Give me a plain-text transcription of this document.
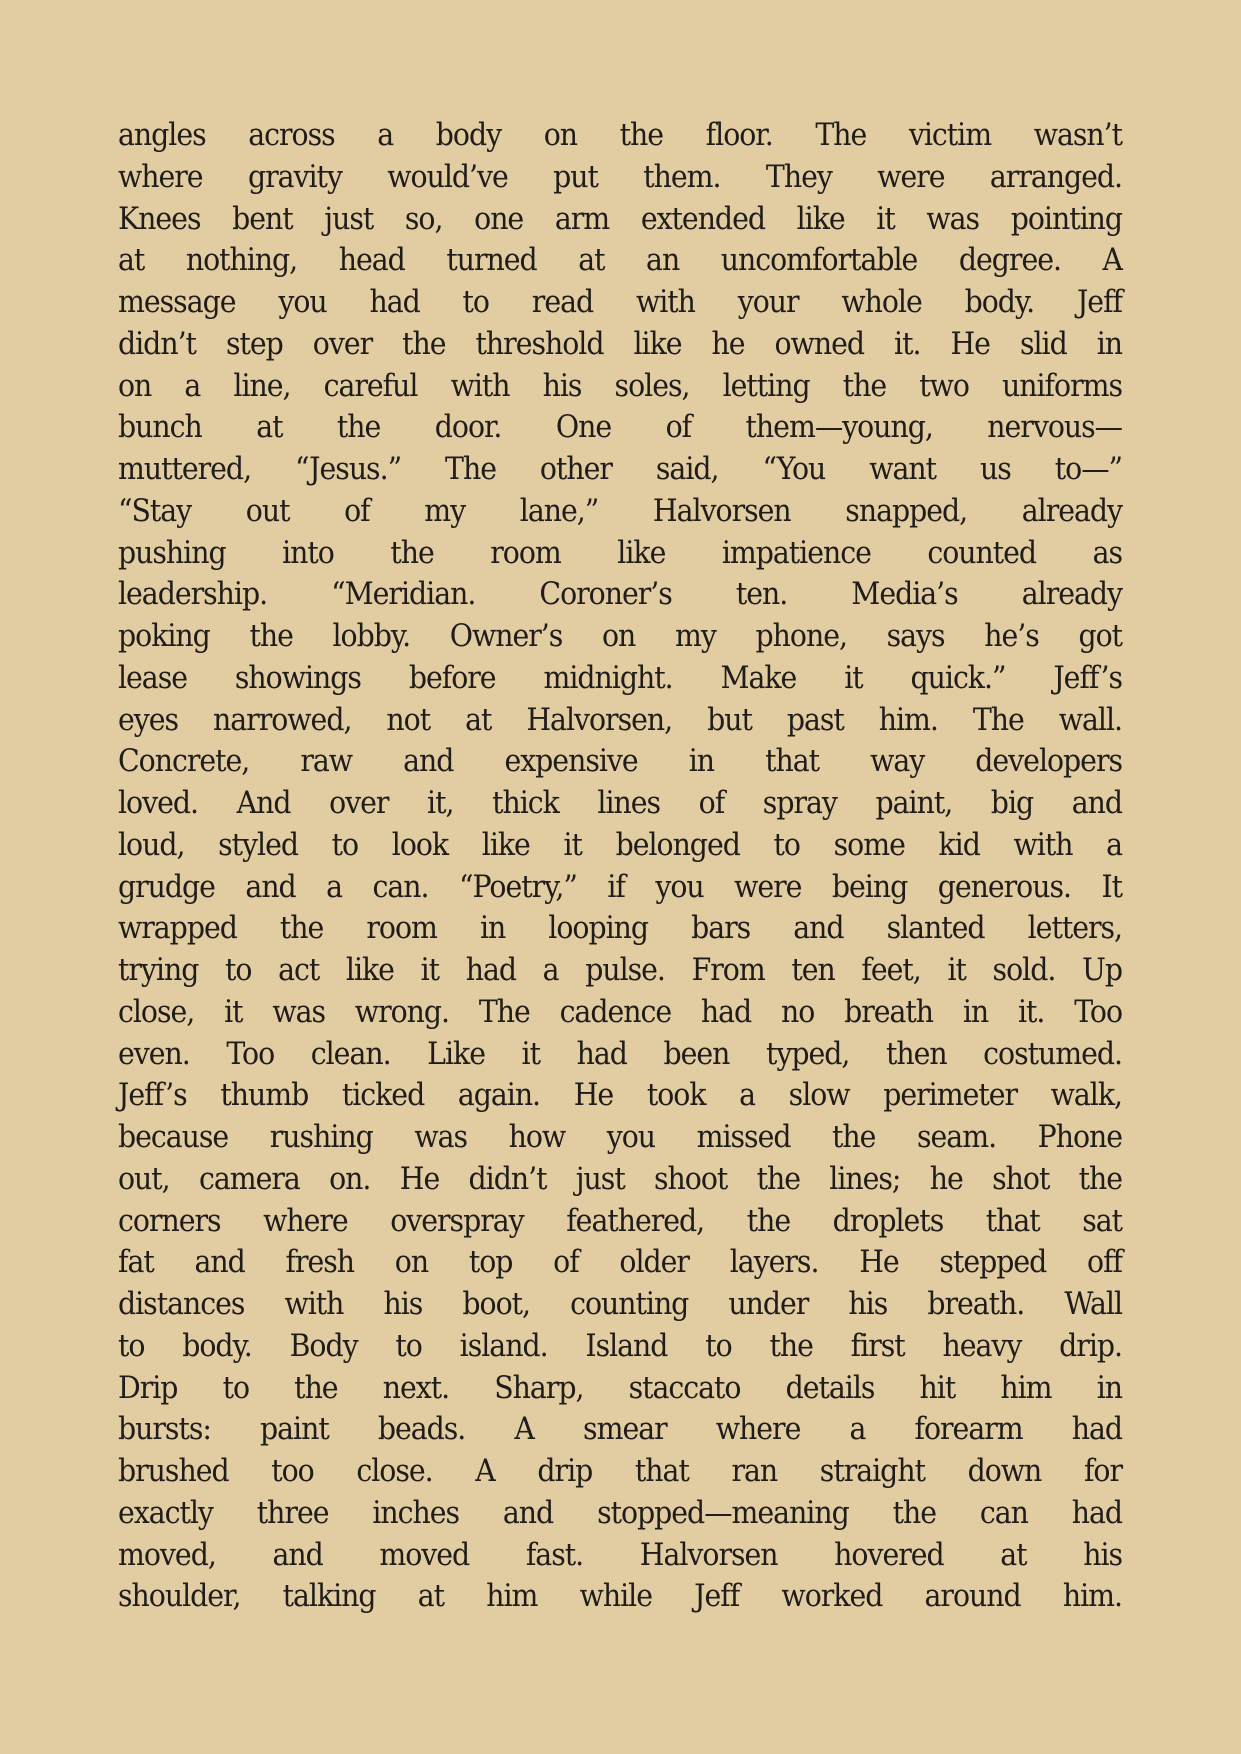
angles across a body on the floor. The victim wasn’t
where gravity would’ve put them. They were arranged.
Knees bent just so, one arm extended like it was pointing
at nothing, head turned at an uncomfortable degree. A
message you had to read with your whole body. Jeff
didn’t step over the threshold like he owned it. He slid in
on a line, careful with his soles, letting the two uniforms
bunch at the door. One of them—young, nervous—
muttered, “Jesus.” The other said, “You want us to—”
“Stay out of my lane,” Halvorsen snapped, already
pushing into the room like impatience counted as
leadership. “Meridian. Coroner’s ten. Media’s already
poking the lobby. Owner’s on my phone, says he’s got
lease showings before midnight. Make it quick.” Jeff’s
eyes narrowed, not at Halvorsen, but past him. The wall.
Concrete, raw and expensive in that way developers
loved. And over it, thick lines of spray paint, big and
loud, styled to look like it belonged to some kid with a
grudge and a can. “Poetry,” if you were being generous. It
wrapped the room in looping bars and slanted letters,
trying to act like it had a pulse. From ten feet, it sold. Up
close, it was wrong. The cadence had no breath in it. Too
even. Too clean. Like it had been typed, then costumed.
Jeff’s thumb ticked again. He took a slow perimeter walk,
because rushing was how you missed the seam. Phone
out, camera on. He didn’t just shoot the lines; he shot the
corners where overspray feathered, the droplets that sat
fat and fresh on top of older layers. He stepped off
distances with his boot, counting under his breath. Wall
to body. Body to island. Island to the first heavy drip.
Drip to the next. Sharp, staccato details hit him in
bursts: paint beads. A smear where a forearm had
brushed too close. A drip that ran straight down for
exactly three inches and stopped—meaning the can had
moved, and moved fast. Halvorsen hovered at his
shoulder, talking at him while Jeff worked around him.
